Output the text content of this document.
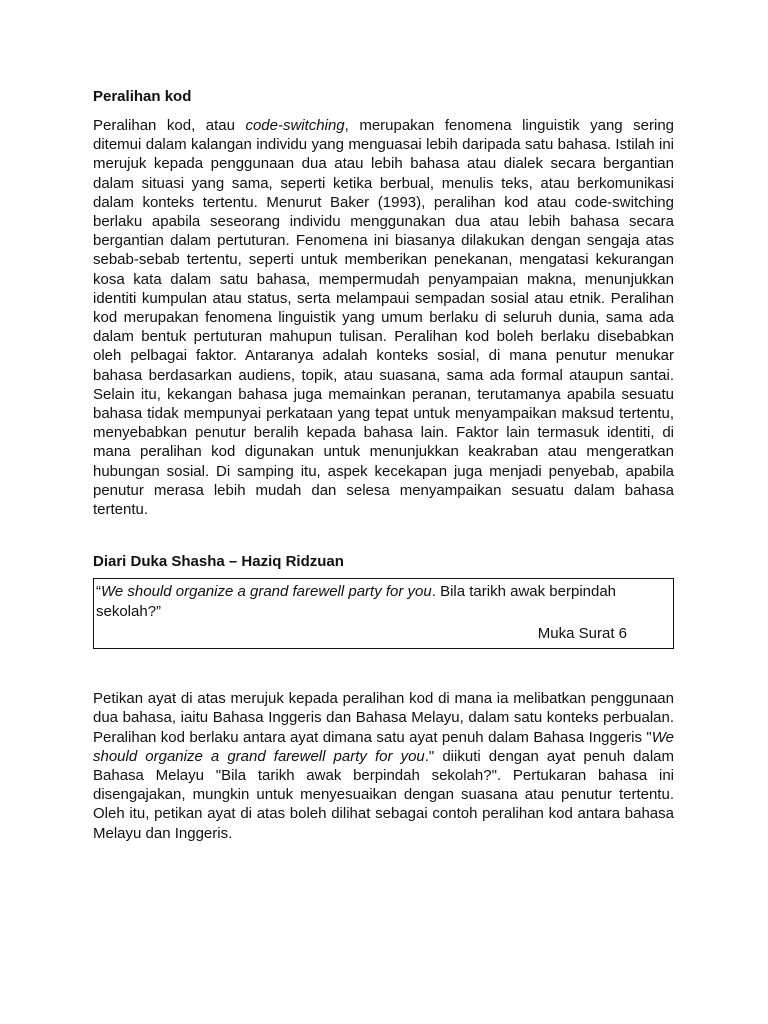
Peralihan kod

Peralihan kod, atau code-switching, merupakan fenomena linguistik yang sering ditemui dalam kalangan individu yang menguasai lebih daripada satu bahasa. Istilah ini merujuk kepada penggunaan dua atau lebih bahasa atau dialek secara bergantian dalam situasi yang sama, seperti ketika berbual, menulis teks, atau berkomunikasi dalam konteks tertentu. Menurut Baker (1993), peralihan kod atau code-switching berlaku apabila seseorang individu menggunakan dua atau lebih bahasa secara bergantian dalam pertuturan. Fenomena ini biasanya dilakukan dengan sengaja atas sebab-sebab tertentu, seperti untuk memberikan penekanan, mengatasi kekurangan kosa kata dalam satu bahasa, mempermudah penyampaian makna, menunjukkan identiti kumpulan atau status, serta melampaui sempadan sosial atau etnik. Peralihan kod merupakan fenomena linguistik yang umum berlaku di seluruh dunia, sama ada dalam bentuk pertuturan mahupun tulisan. Peralihan kod boleh berlaku disebabkan oleh pelbagai faktor. Antaranya adalah konteks sosial, di mana penutur menukar bahasa berdasarkan audiens, topik, atau suasana, sama ada formal ataupun santai. Selain itu, kekangan bahasa juga memainkan peranan, terutamanya apabila sesuatu bahasa tidak mempunyai perkataan yang tepat untuk menyampaikan maksud tertentu, menyebabkan penutur beralih kepada bahasa lain. Faktor lain termasuk identiti, di mana peralihan kod digunakan untuk menunjukkan keakraban atau mengeratkan hubungan sosial. Di samping itu, aspek kecekapan juga menjadi penyebab, apabila penutur merasa lebih mudah dan selesa menyampaikan sesuatu dalam bahasa tertentu.

Diari Duka Shasha – Haziq Ridzuan

“We should organize a grand farewell party for you. Bila tarikh awak berpindah sekolah?”

Muka Surat 6

Petikan ayat di atas merujuk kepada peralihan kod di mana ia melibatkan penggunaan dua bahasa, iaitu Bahasa Inggeris dan Bahasa Melayu, dalam satu konteks perbualan. Peralihan kod berlaku antara ayat dimana satu ayat penuh dalam Bahasa Inggeris "We should organize a grand farewell party for you." diikuti dengan ayat penuh dalam Bahasa Melayu "Bila tarikh awak berpindah sekolah?". Pertukaran bahasa ini disengajakan, mungkin untuk menyesuaikan dengan suasana atau penutur tertentu. Oleh itu, petikan ayat di atas boleh dilihat sebagai contoh peralihan kod antara bahasa Melayu dan Inggeris.
